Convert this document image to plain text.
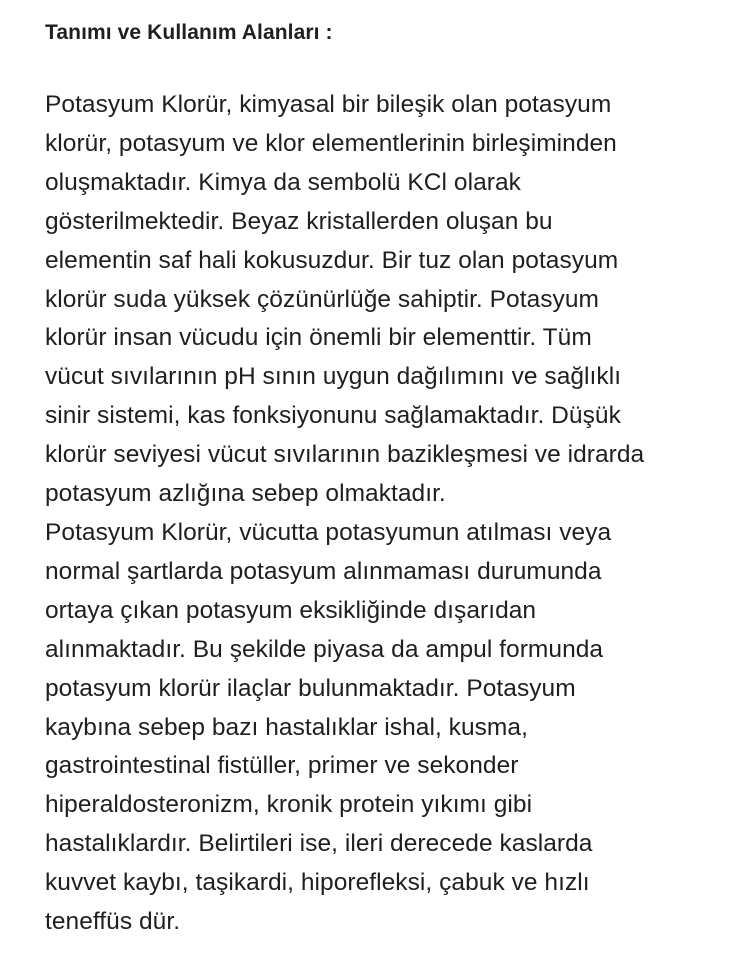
Tanımı ve Kullanım Alanları :
Potasyum Klorür, kimyasal bir bileşik olan potasyum
klorür, potasyum ve klor elementlerinin birleşiminden
oluşmaktadır. Kimya da sembolü KCl olarak
gösterilmektedir. Beyaz kristallerden oluşan bu
elementin saf hali kokusuzdur. Bir tuz olan potasyum
klorür suda yüksek çözünürlüğe sahiptir. Potasyum
klorür insan vücudu için önemli bir elementtir. Tüm
vücut sıvılarının pH sının uygun dağılımını ve sağlıklı
sinir sistemi, kas fonksiyonunu sağlamaktadır. Düşük
klorür seviyesi vücut sıvılarının bazikleşmesi ve idrarda
potasyum azlığına sebep olmaktadır.
Potasyum Klorür, vücutta potasyumun atılması veya
normal şartlarda potasyum alınmaması durumunda
ortaya çıkan potasyum eksikliğinde dışarıdan
alınmaktadır. Bu şekilde piyasa da ampul formunda
potasyum klorür ilaçlar bulunmaktadır. Potasyum
kaybına sebep bazı hastalıklar ishal, kusma,
gastrointestinal fistüller, primer ve sekonder
hiperaldosteronizm, kronik protein yıkımı gibi
hastalıklardır. Belirtileri ise, ileri derecede kaslarda
kuvvet kaybı, taşikardi, hiporefleksi, çabuk ve hızlı
teneffüs dür.
